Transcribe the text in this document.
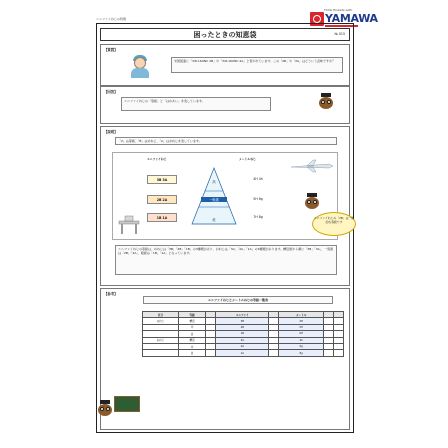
ユニファイねじの特徴
Think threads with
YAMAWA
困ったときの知恵袋	№ 015
【質問】
米国図面に「3/8-16UNC 2B」や「3/8-16UNC 2A」と書かれています。この「2B」や「2A」はどういう意味ですか？
【回答】
ユニファイねじの「等級」と「はめあい」を表しています。
【説明】
「2」は等級、「B」はめねじ、「A」はおねじを表しています。
ユニファイねじの等級は、めねじは「3B」「2B」「1B」の3種類があり、おねじは「3A」「2A」「1A」の3種類があります。精密級から順に「3B」「3A」、一般級は「2B」「2A」、粗級は「1B」「1A」となっています。
ユニファイねじ	メートルねじ
3B 3A
2B 2A
1B 1A
高
一般級
低
4H 4h
5H 6g
7H 8g	ユニファイねじの「2B」は一般的な等級です
【参考】
ユニファイねじとメートルねじの等級一覧表
区分	等級		ユニファイ		メートル		
めねじ	精密		3B		4H		
	中		2B		5H		
	並		1B		6H		
おねじ	精密		3A		4h		
	中		2A		6g		
	並		1A		8g		
